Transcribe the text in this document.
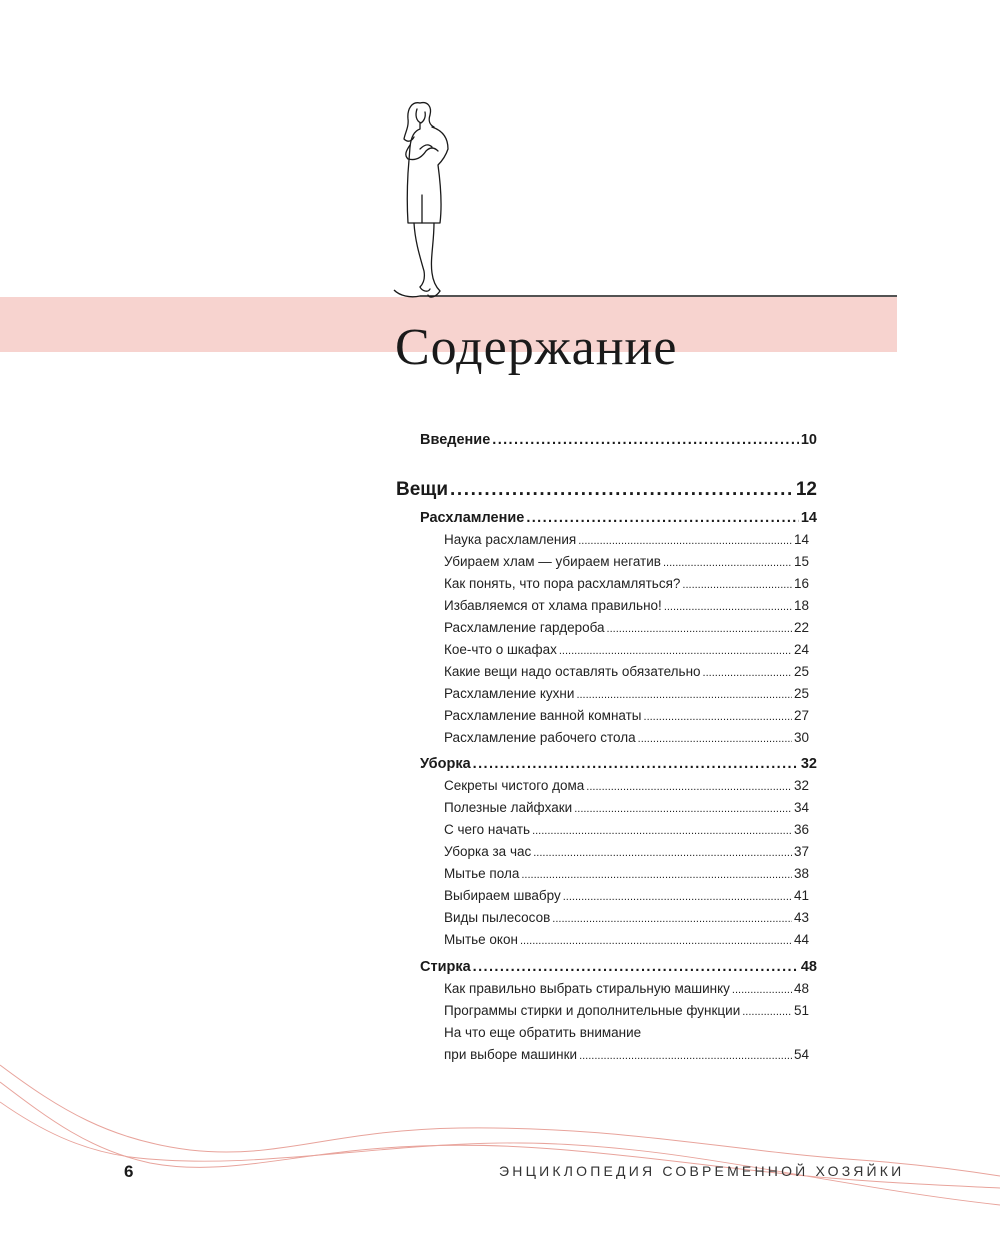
Содержание
Введение .....	10
Вещи .....	12
Расхламление .....	14
Наука расхламления .....	14
Убираем хлам — убираем негатив .....	15
Как понять, что пора расхламляться? .....	16
Избавляемся от хлама правильно! .....	18
Расхламление гардероба .....	22
Кое-что о шкафах .....	24
Какие вещи надо оставлять обязательно .....	25
Расхламление кухни .....	25
Расхламление ванной комнаты .....	27
Расхламление рабочего стола .....	30
Уборка .....	32
Секреты чистого дома .....	32
Полезные лайфхаки .....	34
С чего начать .....	36
Уборка за час .....	37
Мытье пола .....	38
Выбираем швабру .....	41
Виды пылесосов .....	43
Мытье окон .....	44
Стирка .....	48
Как правильно выбрать стиральную машинку .....	48
Программы стирки и дополнительные функции .....	51
На что еще обратить внимание
при выборе машинки .....	54
6	ЭНЦИКЛОПЕДИЯ СОВРЕМЕННОЙ ХОЗЯЙКИ
